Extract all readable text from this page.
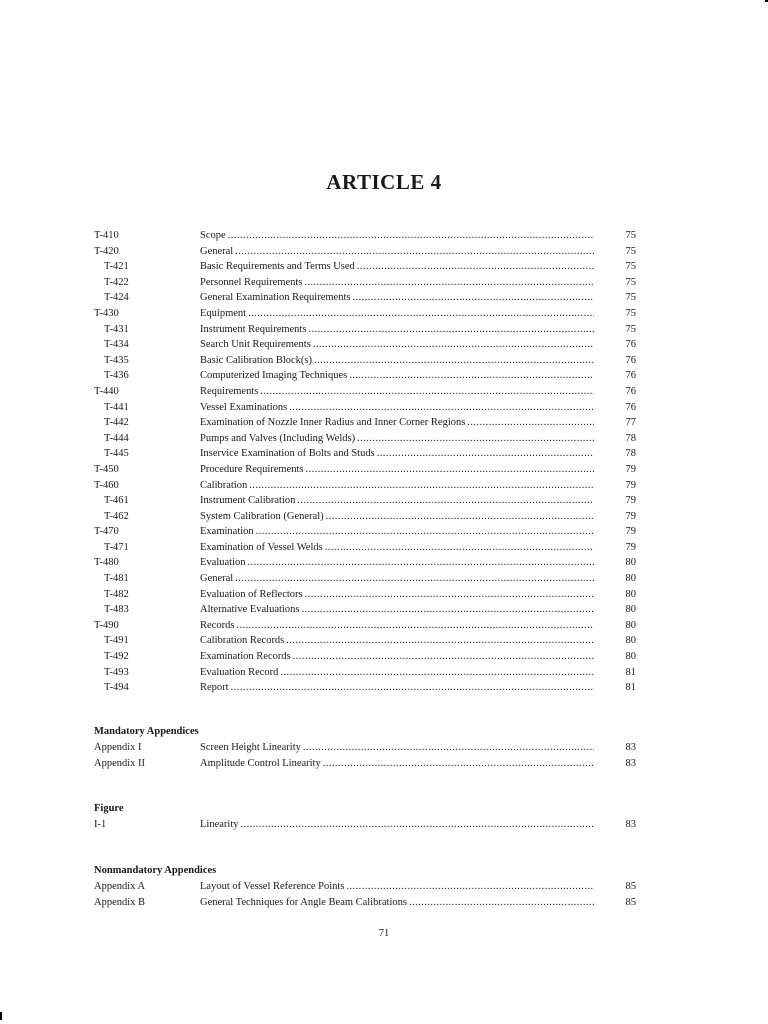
ARTICLE 4
T-410	Scope . . .	75
T-420	General . . .	75
T-421	Basic Requirements and Terms Used . . .	75
T-422	Personnel Requirements . . .	75
T-424	General Examination Requirements . . .	75
T-430	Equipment . . .	75
T-431	Instrument Requirements . . .	75
T-434	Search Unit Requirements . . .	76
T-435	Basic Calibration Block(s) . . .	76
T-436	Computerized Imaging Techniques . . .	76
T-440	Requirements . . .	76
T-441	Vessel Examinations . . .	76
T-442	Examination of Nozzle Inner Radius and Inner Corner Regions . . .	77
T-444	Pumps and Valves (Including Welds) . . .	78
T-445	Inservice Examination of Bolts and Studs . . .	78
T-450	Procedure Requirements . . .	79
T-460	Calibration . . .	79
T-461	Instrument Calibration . . .	79
T-462	System Calibration (General) . . .	79
T-470	Examination . . .	79
T-471	Examination of Vessel Welds . . .	79
T-480	Evaluation . . .	80
T-481	General . . .	80
T-482	Evaluation of Reflectors . . .	80
T-483	Alternative Evaluations . . .	80
T-490	Records . . .	80
T-491	Calibration Records . . .	80
T-492	Examination Records . . .	80
T-493	Evaluation Record . . .	81
T-494	Report . . .	81
Mandatory Appendices
Appendix I	Screen Height Linearity . . .	83
Appendix II	Amplitude Control Linearity . . .	83
Figure
I-1	Linearity . . .	83
Nonmandatory Appendices
Appendix A	Layout of Vessel Reference Points . . .	85
Appendix B	General Techniques for Angle Beam Calibrations . . .	85
71
